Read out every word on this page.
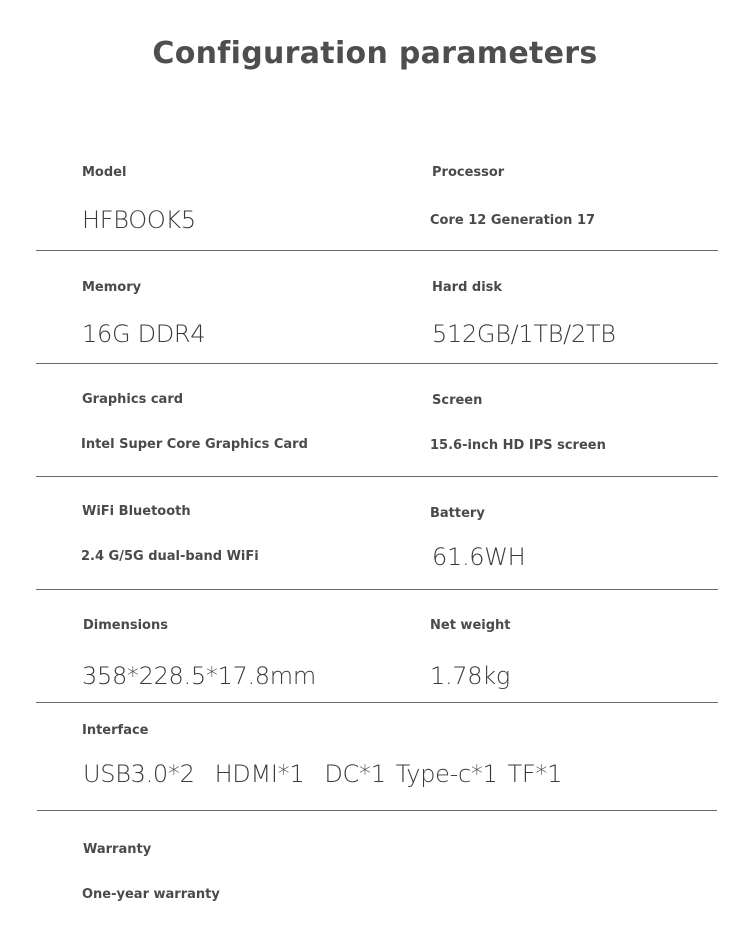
Configuration parameters
Model
HFBOOK5
Processor
Core 12 Generation 17
Memory
16G DDR4
Hard disk
512GB/1TB/2TB
Graphics card
Intel Super Core Graphics Card
Screen
15.6-inch HD IPS screen
WiFi Bluetooth
2.4 G/5G dual-band WiFi
Battery
61.6WH
Dimensions
358*228.5*17.8mm
Net weight
1.78kg
Interface
USB3.0*2 HDMI*1 DC*1 Type-c*1 TF*1
Warranty
One-year warranty
